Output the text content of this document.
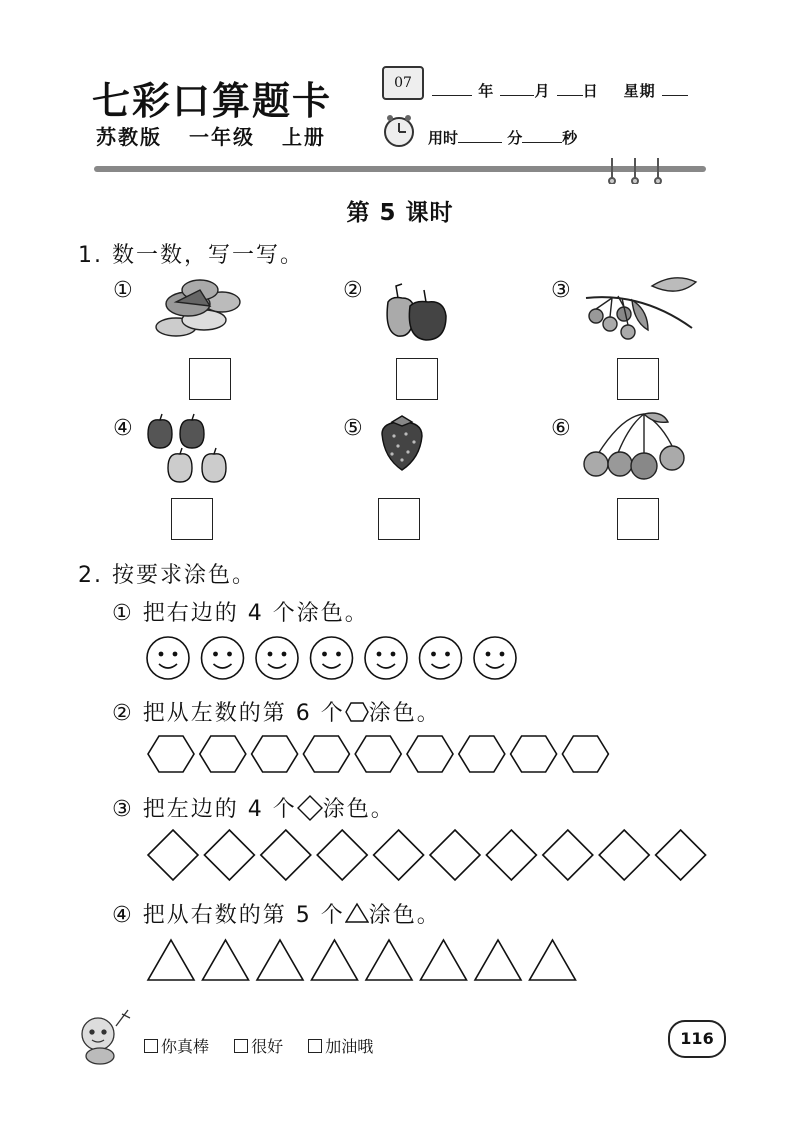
七彩口算题卡
苏教版 一年级 上册
07	年	月 日 星期
用时	分	秒
第 5 课时
1. 数一数，写一写。
①	②	③
④	⑤	⑥
2. 按要求涂色。
① 把右边的 4 个涂色。
② 把从左数的第 6 个 涂色。
③ 把左边的 4 个 涂色。
④ 把从右数的第 5 个 涂色。
你真棒	很好	加油哦	116
